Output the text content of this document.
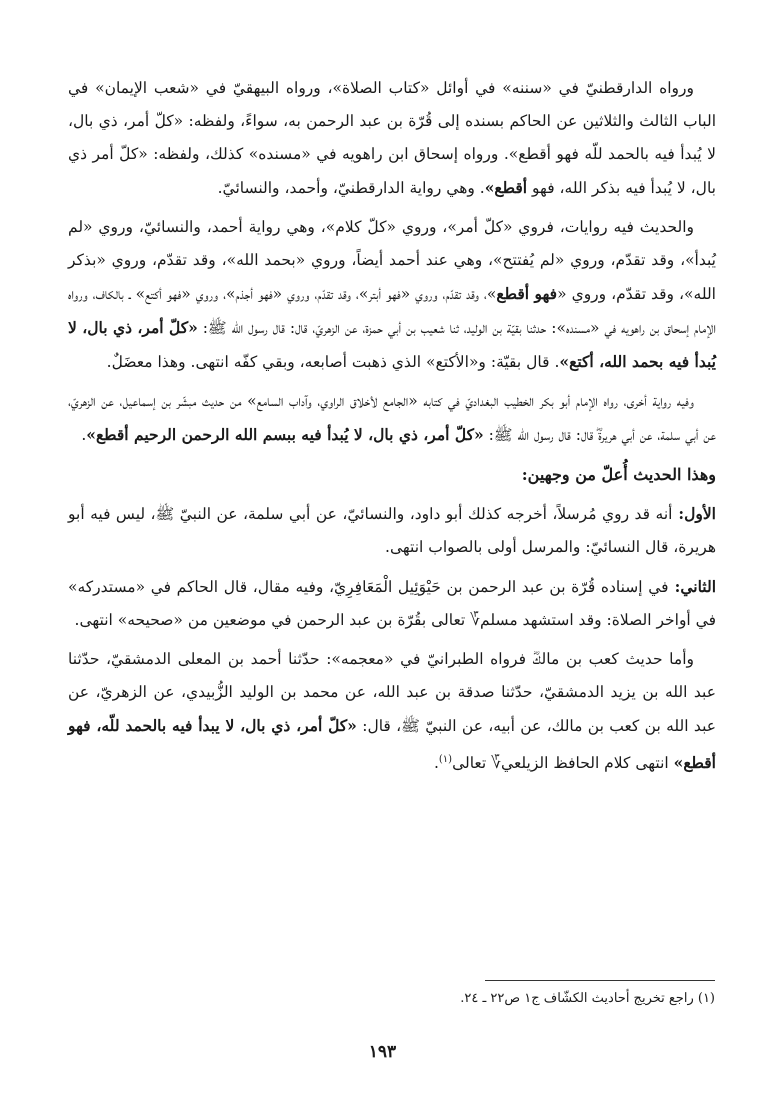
ورواه الدارقطنيّ في «سننه» في أوائل «كتاب الصلاة»، ورواه البيهقيّ في «شعب الإيمان» في الباب الثالث والثلاثين عن الحاكم بسنده إلى قُرّة بن عبد الرحمن به، سواءً، ولفظه: «كلّ أمر، ذي بال، لا يُبدأ فيه بالحمد للّه فهو أقطع». ورواه إسحاق ابن راهويه في «مسنده» كذلك، ولفظه: «كلّ أمر ذي بال، لا يُبدأ فيه بذكر الله، فهو أقطع». وهي رواية الدارقطنيّ، وأحمد، والنسائيّ.

والحديث فيه روايات، فروي «كلّ أمر»، وروي «كلّ كلام»، وهي رواية أحمد، والنسائيّ، وروي «لم يُبدأ»، وقد تقدّم، وروي «لم يُفتتح»، وهي عند أحمد أيضاً، وروي «بحمد الله»، وقد تقدّم، وروي «بذكر الله»، وقد تقدّم، وروي «فهو أقطع»، وقد تقدّم، وروي «فهو أبتر»، وقد تقدّم، وروي «فهو أجذم»، وروي «فهو أكتع» ـ بالكاف، ورواه الإمام إسحاق بن راهويه في «مسنده»: حدثنا بقيّة بن الوليد، ثنا شعيب بن أبي حمزة، عن الزهريّ، قال: قال رسول الله ﷺ: «كلّ أمر، ذي بال، لا يُبدأ فيه بحمد الله، أكتع». قال بقيّة: و«الأكتع» الذي ذهبت أصابعه، وبقي كفّه انتهى. وهذا معضَلٌ.

وفيه رواية أخرى، رواه الإمام أبو بكر الخطيب البغداديّ في كتابه «الجامع لأخلاق الراوي، وآداب السامع» من حديث مبشّر بن إسماعيل، عن الزهريّ، عن أبي سلمة، عن أبي هريرةؓ قال: قال رسول الله ﷺ: «كلّ أمر، ذي بال، لا يُبدأ فيه ببسم الله الرحمن الرحيم أقطع».

وهذا الحديث أُعلّ من وجهين:

الأول: أنه قد روي مُرسلاً، أخرجه كذلك أبو داود، والنسائيّ، عن أبي سلمة، عن النبيّ ﷺ، ليس فيه أبو هريرة، قال النسائيّ: والمرسل أولى بالصواب انتهى.

الثاني: في إسناده قُرّة بن عبد الرحمن بن حَيْوَئِيل الْمَعَافِرِيّ، وفيه مقال، قال الحاكم في «مستدركه» في أواخر الصلاة: وقد استشهد مسلم؆ تعالى بقُرّة بن عبد الرحمن في موضعين من «صحيحه» انتهى.

وأما حديث كعب بن مالكؓ فرواه الطبرانيّ في «معجمه»: حدّثنا أحمد بن المعلى الدمشقيّ، حدّثنا عبد الله بن يزيد الدمشقيّ، حدّثنا صدقة بن عبد الله، عن محمد بن الوليد الزُّبيدي، عن الزهريّ، عن عبد الله بن كعب بن مالك، عن أبيه، عن النبيّ ﷺ، قال: «كلّ أمر، ذي بال، لا يبدأ فيه بالحمد للّه، فهو أقطع» انتهى كلام الحافظ الزيلعي؆ تعالى$^{(١)}$.

(١) راجع تخريج أحاديث الكشّاف ج١ ص٢٢ ـ ٢٤.
١٩٣
